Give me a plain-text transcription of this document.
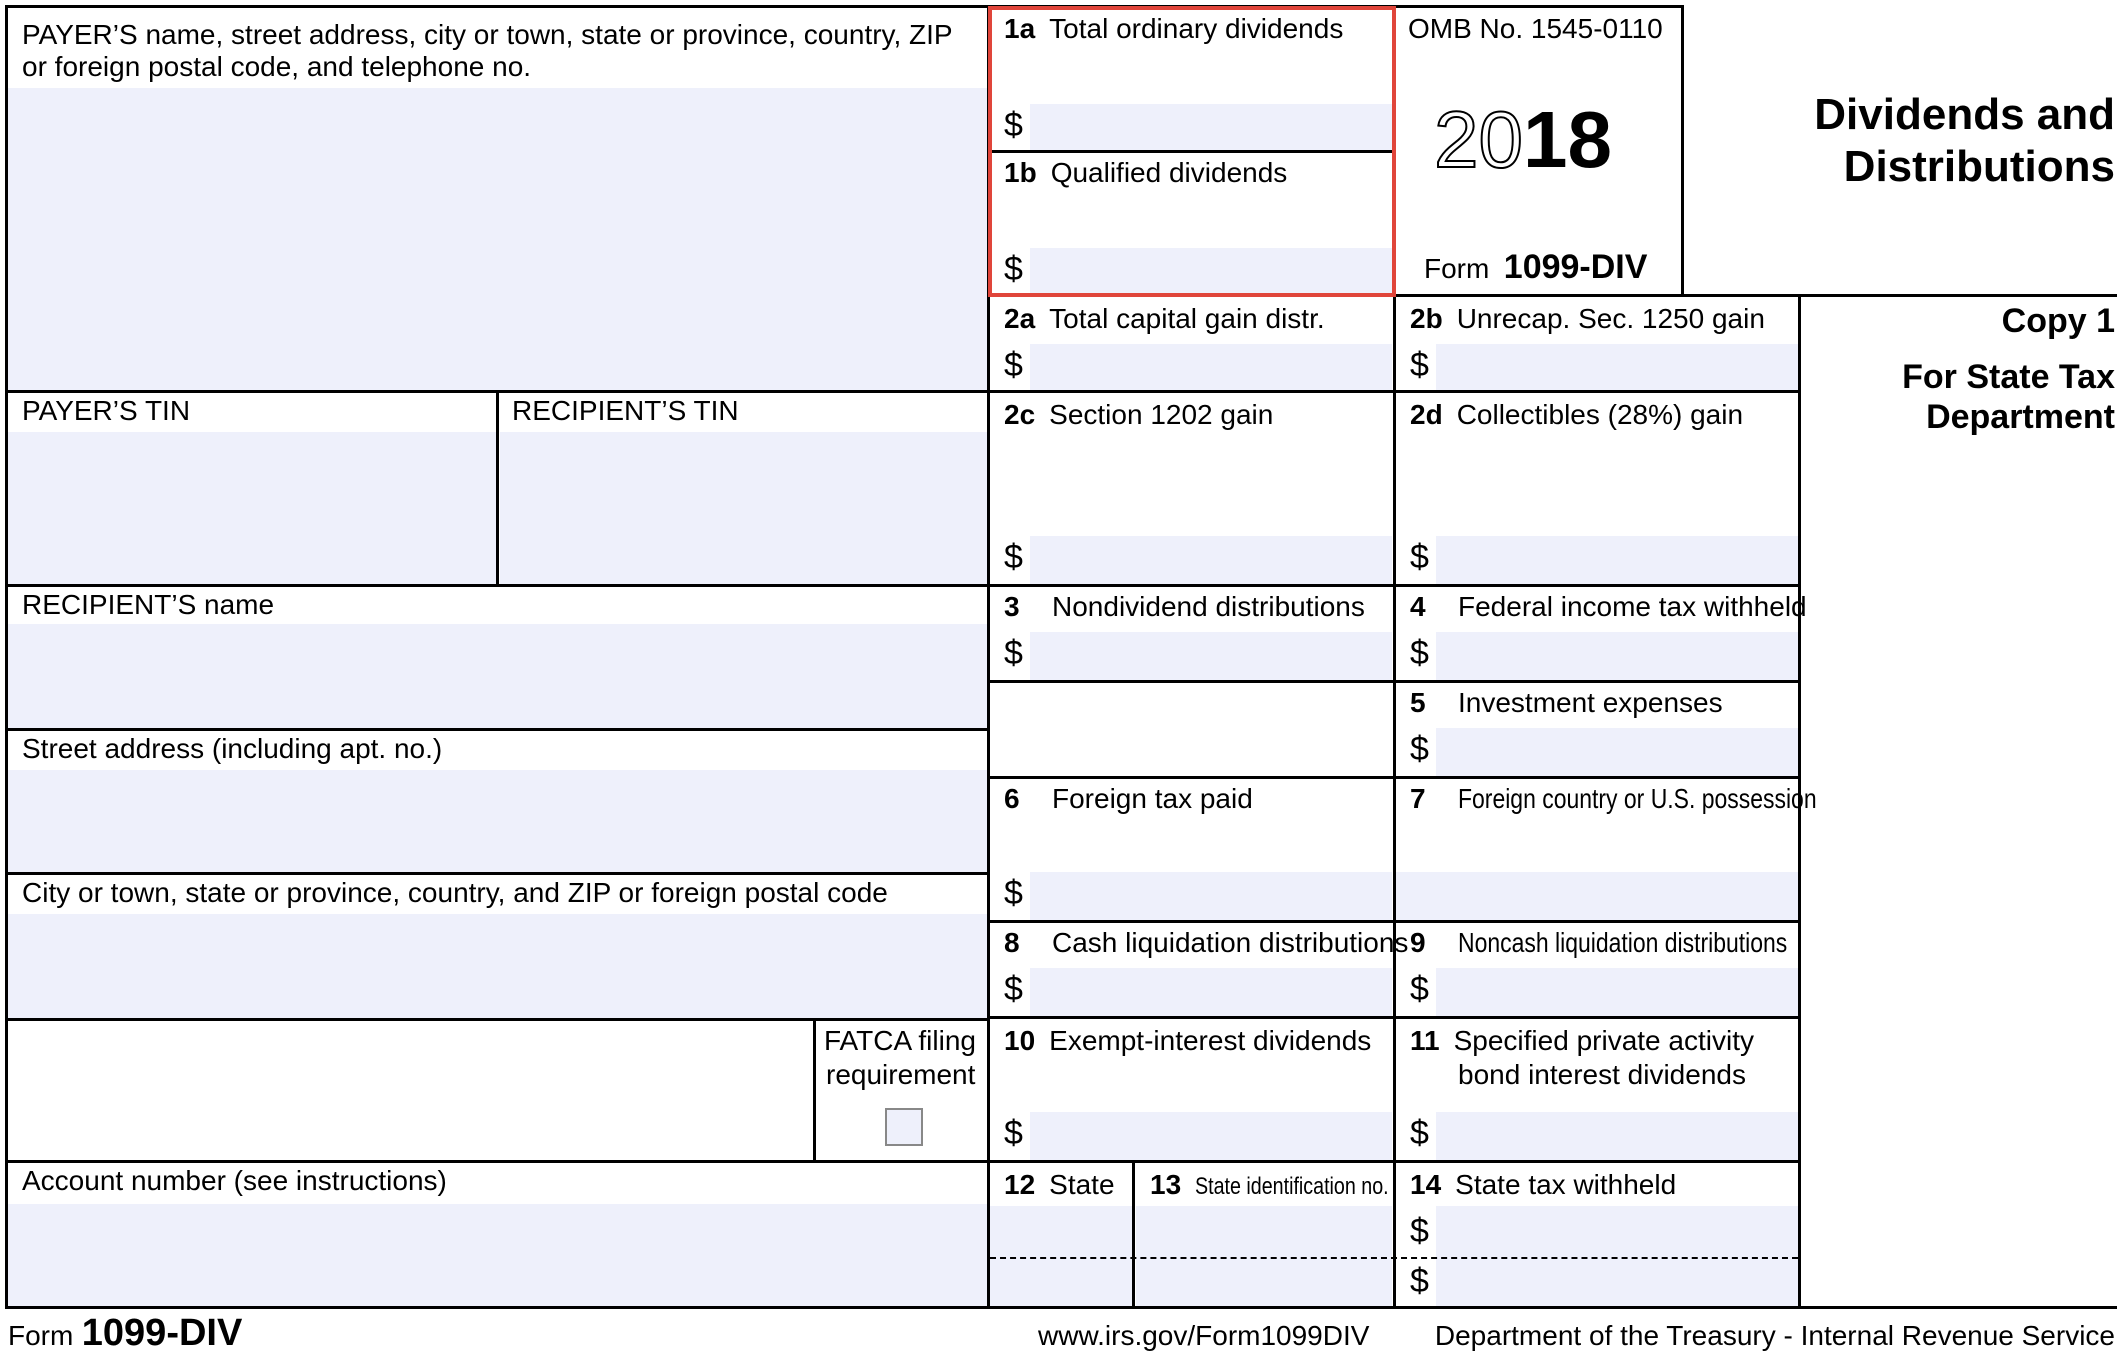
PAYER’S name, street address, city or town, state or province, country, ZIP
or foreign postal code, and telephone no.
PAYER’S TIN	RECIPIENT’S TIN
RECIPIENT’S name
Street address (including apt. no.)
City or town, state or province, country, and ZIP or foreign postal code
FATCA filing
requirement
Account number (see instructions)
1a Total ordinary dividends
$
1b Qualified dividends
$
OMB No. 1545-0110
2018
Form 1099-DIV
Dividends and
Distributions
Copy 1
For State Tax
Department
2a Total capital gain distr.
$
2b Unrecap. Sec. 1250 gain
$
2c Section 1202 gain
$
2d Collectibles (28%) gain
$
3 Nondividend distributions
$
4 Federal income tax withheld
$
5 Investment expenses
$
6 Foreign tax paid
$
7 Foreign country or U.S. possession
8 Cash liquidation distributions
$
9 Noncash liquidation distributions
$
10 Exempt-interest dividends
$
11 Specified private activity
bond interest dividends
$
12 State 13 State identification no. 14 State tax withheld
$
$
Form 1099-DIV	www.irs.gov/Form1099DIV Department of the Treasury - Internal Revenue Service
